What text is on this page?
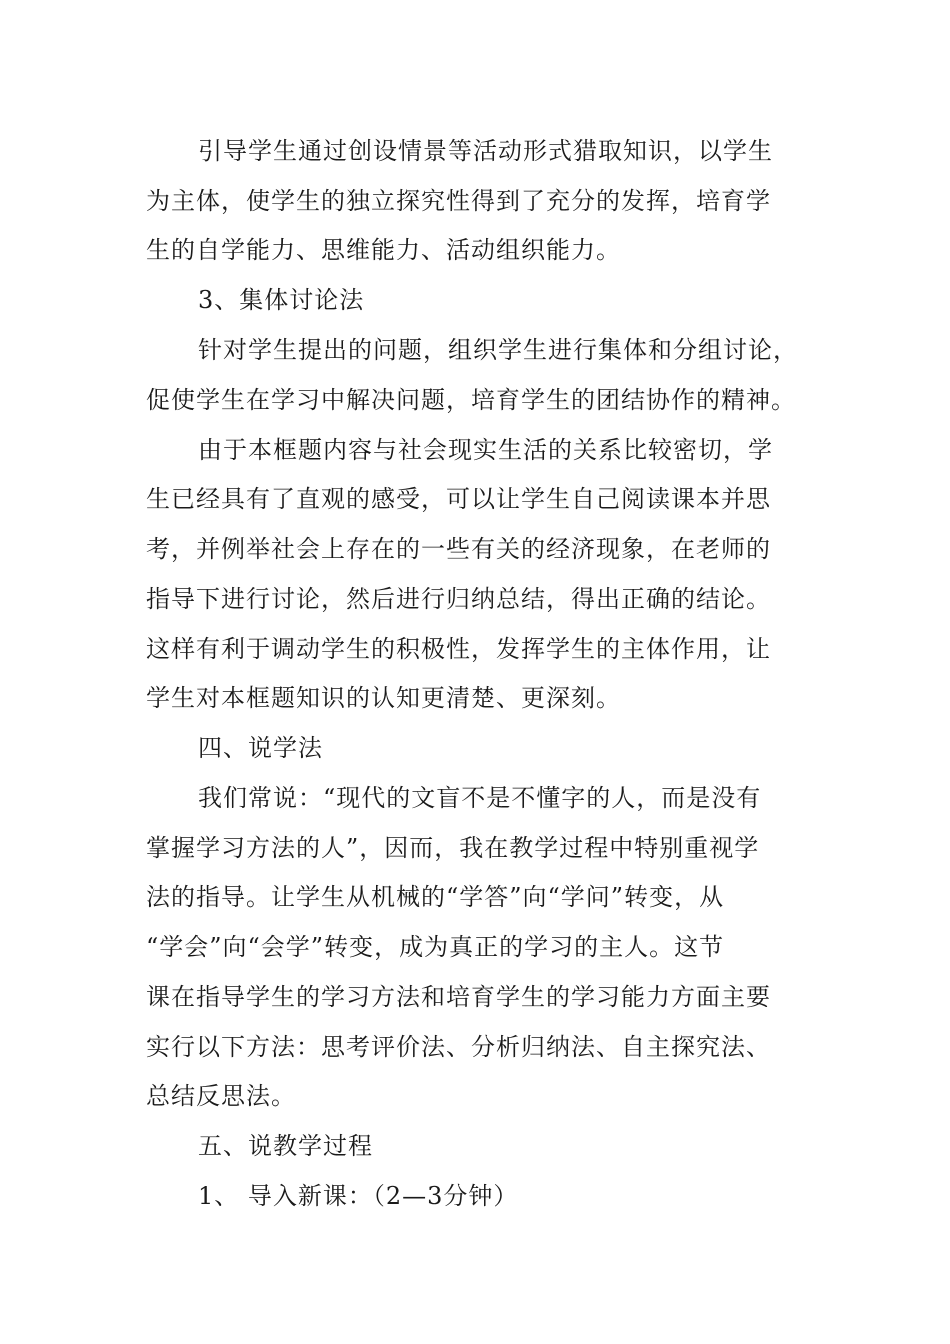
引导学生通过创设情景等活动形式猎取知识，以学生
为主体，使学生的独立探究性得到了充分的发挥，培育学
生的自学能力、思维能力、活动组织能力。
3、集体讨论法
针对学生提出的问题，组织学生进行集体和分组讨论，
促使学生在学习中解决问题，培育学生的团结协作的精神。
由于本框题内容与社会现实生活的关系比较密切，学
生已经具有了直观的感受，可以让学生自己阅读课本并思
考，并例举社会上存在的一些有关的经济现象，在老师的
指导下进行讨论，然后进行归纳总结，得出正确的结论。
这样有利于调动学生的积极性，发挥学生的主体作用，让
学生对本框题知识的认知更清楚、更深刻。
四、说学法
我们常说：“现代的文盲不是不懂字的人，而是没有
掌握学习方法的人”，因而，我在教学过程中特别重视学
法的指导。让学生从机械的“学答”向“学问”转变，从
“学会”向“会学”转变，成为真正的学习的主人。这节
课在指导学生的学习方法和培育学生的学习能力方面主要
实行以下方法：思考评价法、分析归纳法、自主探究法、
总结反思法。
五、说教学过程
1、 导入新课：（2—3分钟）
